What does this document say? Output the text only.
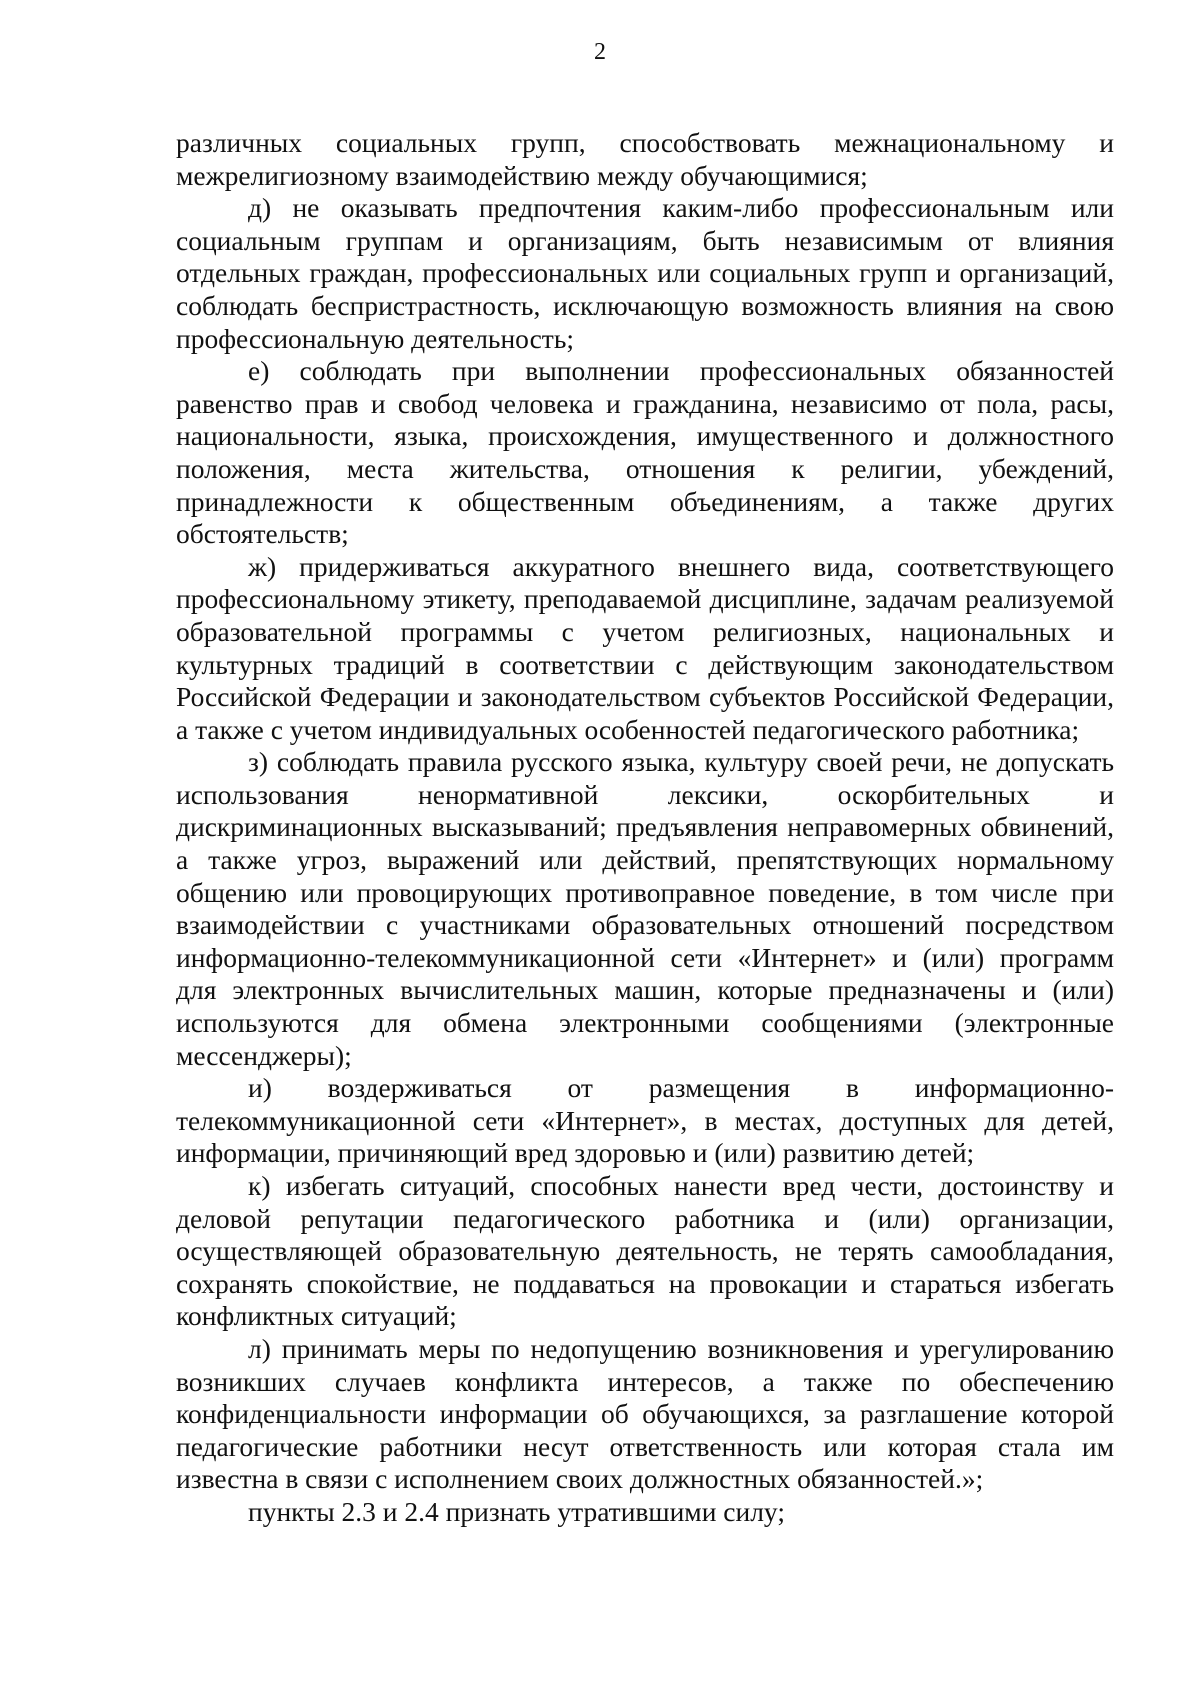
2

различных социальных групп, способствовать межнациональному и межрелигиозному взаимодействию между обучающимися;

д) не оказывать предпочтения каким-либо профессиональным или социальным группам и организациям, быть независимым от влияния отдельных граждан, профессиональных или социальных групп и организаций, соблюдать беспристрастность, исключающую возможность влияния на свою профессиональную деятельность;

е) соблюдать при выполнении профессиональных обязанностей равенство прав и свобод человека и гражданина, независимо от пола, расы, национальности, языка, происхождения, имущественного и должностного положения, места жительства, отношения к религии, убеждений, принадлежности к общественным объединениям, а также других обстоятельств;

ж) придерживаться аккуратного внешнего вида, соответствующего профессиональному этикету, преподаваемой дисциплине, задачам реализуемой образовательной программы с учетом религиозных, национальных и культурных традиций в соответствии с действующим законодательством Российской Федерации и законодательством субъектов Российской Федерации, а также с учетом индивидуальных особенностей педагогического работника;

з) соблюдать правила русского языка, культуру своей речи, не допускать использования ненормативной лексики, оскорбительных и дискриминационных высказываний; предъявления неправомерных обвинений, а также угроз, выражений или действий, препятствующих нормальному общению или провоцирующих противоправное поведение, в том числе при взаимодействии с участниками образовательных отношений посредством информационно-телекоммуникационной сети «Интернет» и (или) программ для электронных вычислительных машин, которые предназначены и (или) используются для обмена электронными сообщениями (электронные мессенджеры);

и) воздерживаться от размещения в информационно-телекоммуникационной сети «Интернет», в местах, доступных для детей, информации, причиняющий вред здоровью и (или) развитию детей;

к) избегать ситуаций, способных нанести вред чести, достоинству и деловой репутации педагогического работника и (или) организации, осуществляющей образовательную деятельность, не терять самообладания, сохранять спокойствие, не поддаваться на провокации и стараться избегать конфликтных ситуаций;

л) принимать меры по недопущению возникновения и урегулированию возникших случаев конфликта интересов, а также по обеспечению конфиденциальности информации об обучающихся, за разглашение которой педагогические работники несут ответственность или которая стала им известна в связи с исполнением своих должностных обязанностей.»;

пункты 2.3 и 2.4 признать утратившими силу;
